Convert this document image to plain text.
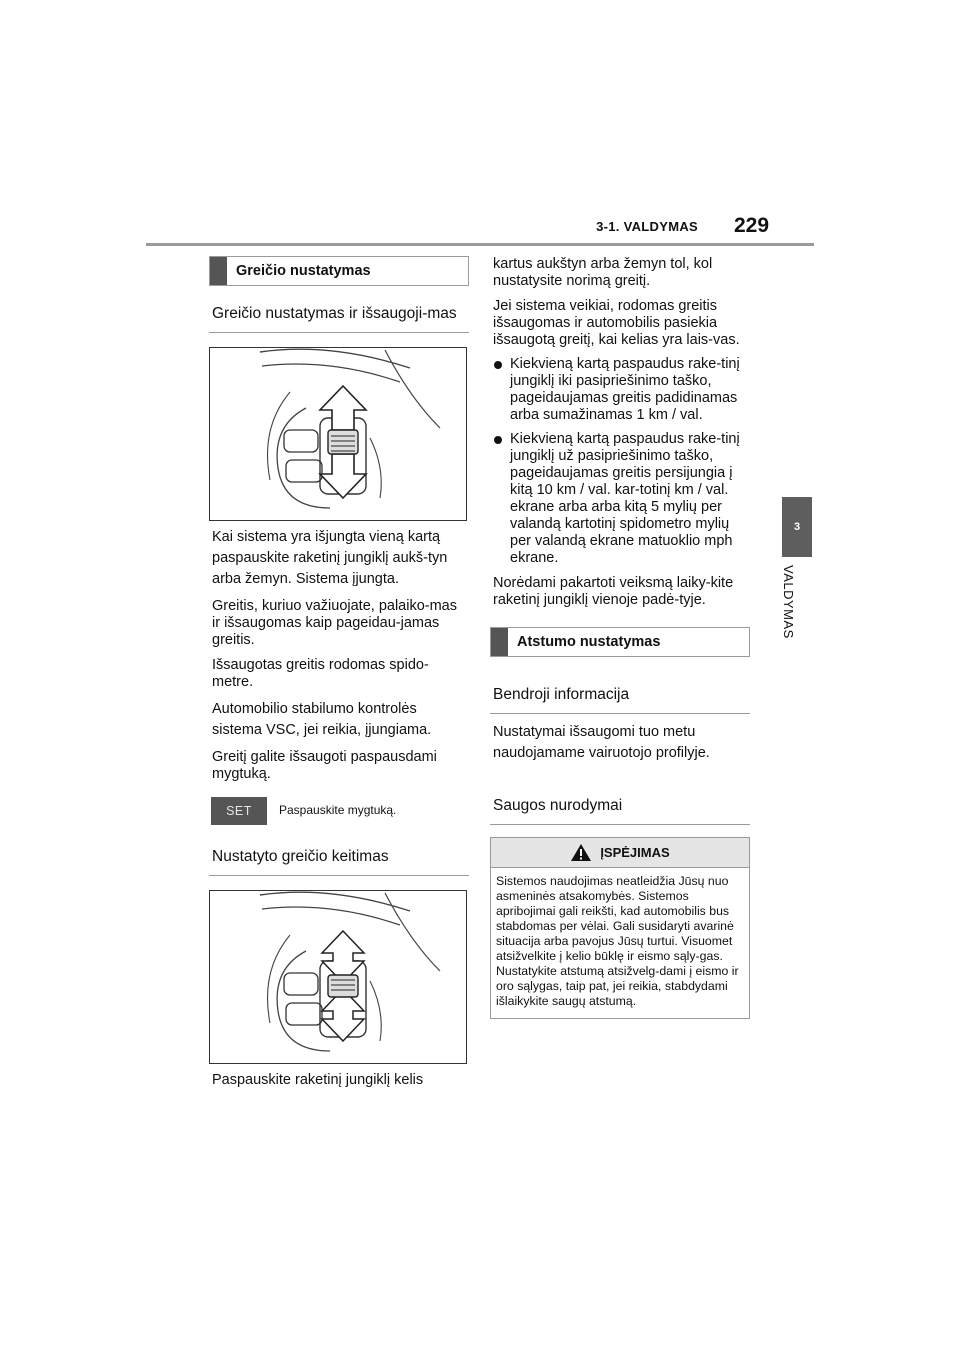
3-1. VALDYMAS 229
3
VALDYMAS
Greičio nustatymas
Greičio nustatymas ir išsaugoji-mas
Kai sistema yra išjungta vieną kartą paspauskite raketinį jungiklį aukš-tyn arba žemyn. Sistema įjungta.
Greitis, kuriuo važiuojate, palaiko-mas ir išsaugomas kaip pageidau-jamas greitis.
Išsaugotas greitis rodomas spido-metre.
Automobilio stabilumo kontrolės sistema VSC, jei reikia, įjungiama.
Greitį galite išsaugoti paspausdami mygtuką.
SET	Paspauskite mygtuką.
Nustatyto greičio keitimas
Paspauskite raketinį jungiklį kelis
kartus aukštyn arba žemyn tol, kol nustatysite norimą greitį.
Jei sistema veikiai, rodomas greitis išsaugomas ir automobilis pasiekia išsaugotą greitį, kai kelias yra lais-vas.
Kiekvieną kartą paspaudus rake-tinį jungiklį iki pasipriešinimo taško, pageidaujamas greitis padidinamas arba sumažinamas 1 km / val.
Kiekvieną kartą paspaudus rake-tinį jungiklį už pasipriešinimo taško, pageidaujamas greitis persijungia į kitą 10 km / val. kar-totinį km / val. ekrane arba arba kitą 5 mylių per valandą kartotinį spidometro mylių per valandą ekrane matuoklio mph ekrane.
Norėdami pakartoti veiksmą laiky-kite raketinį jungiklį vienoje padė-tyje.
Atstumo nustatymas
Bendroji informacija
Nustatymai išsaugomi tuo metu naudojamame vairuotojo profilyje.
Saugos nurodymai
ĮSPĖJIMAS
Sistemos naudojimas neatleidžia Jūsų nuo asmeninės atsakomybės. Sistemos apribojimai gali reikšti, kad automobilis bus stabdomas per vėlai. Gali susidaryti avarinė situacija arba pavojus Jūsų turtui. Visuomet atsižvelkite į kelio būklę ir eismo sąly-gas. Nustatykite atstumą atsižvelg-dami į eismo ir oro sąlygas, taip pat, jei reikia, stabdydami išlaikykite saugų atstumą.
